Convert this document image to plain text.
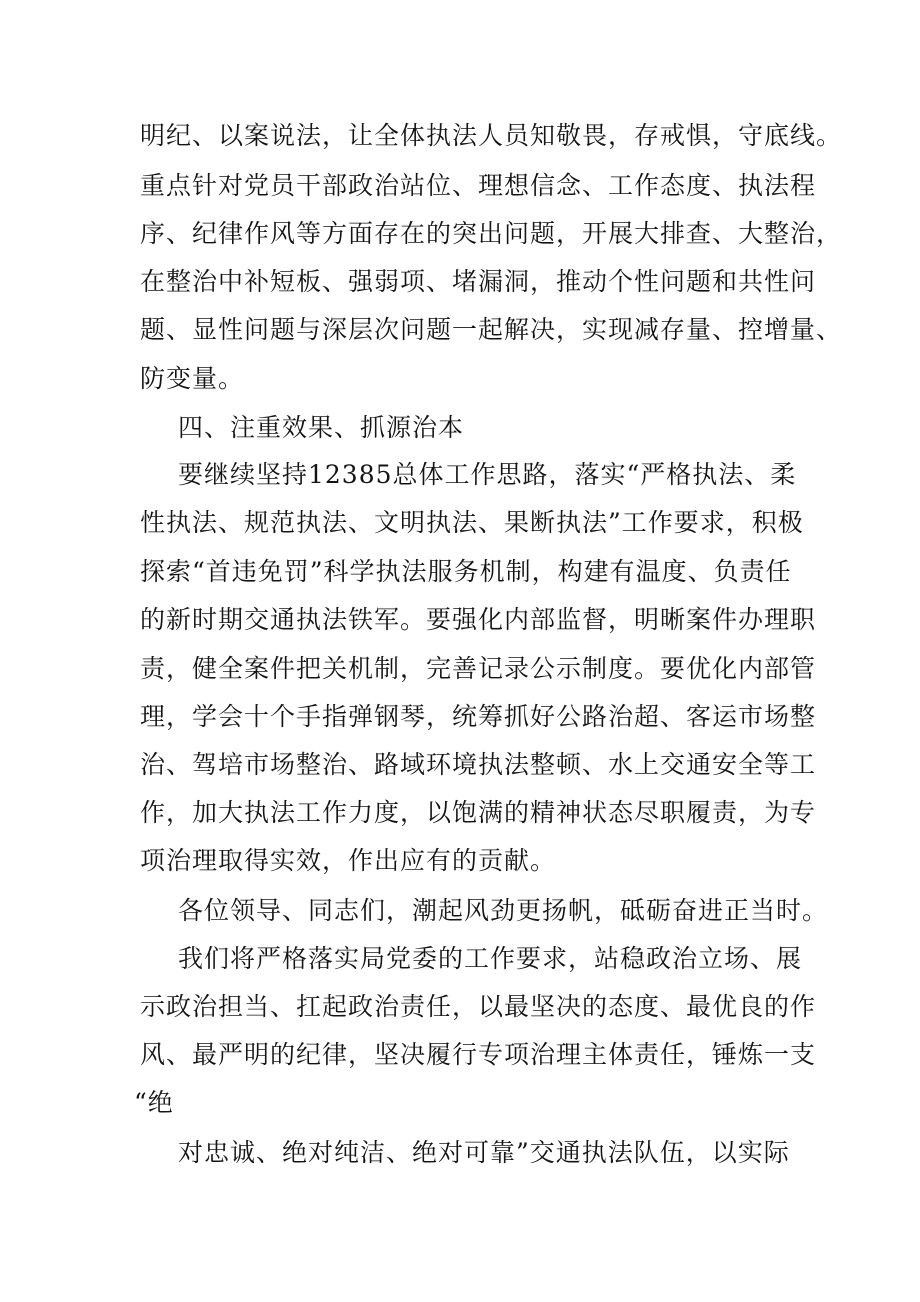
明纪、以案说法，让全体执法人员知敬畏，存戒惧，守底线。

重点针对党员干部政治站位、理想信念、工作态度、执法程

序、纪律作风等方面存在的突出问题，开展大排查、大整治，

在整治中补短板、强弱项、堵漏洞，推动个性问题和共性问

题、显性问题与深层次问题一起解决，实现减存量、控增量、

防变量。

四、注重效果、抓源治本

要继续坚持12385总体工作思路，落实“严格执法、柔

性执法、规范执法、文明执法、果断执法”工作要求，积极

探索“首违免罚”科学执法服务机制，构建有温度、负责任

的新时期交通执法铁军。要强化内部监督，明晰案件办理职

责，健全案件把关机制，完善记录公示制度。要优化内部管

理，学会十个手指弹钢琴，统筹抓好公路治超、客运市场整

治、驾培市场整治、路域环境执法整顿、水上交通安全等工

作，加大执法工作力度，以饱满的精神状态尽职履责，为专

项治理取得实效，作出应有的贡献。

各位领导、同志们，潮起风劲更扬帆，砥砺奋进正当时。

我们将严格落实局党委的工作要求，站稳政治立场、展

示政治担当、扛起政治责任，以最坚决的态度、最优良的作

风、最严明的纪律，坚决履行专项治理主体责任，锤炼一支

“绝

对忠诚、绝对纯洁、绝对可靠”交通执法队伍，以实际
